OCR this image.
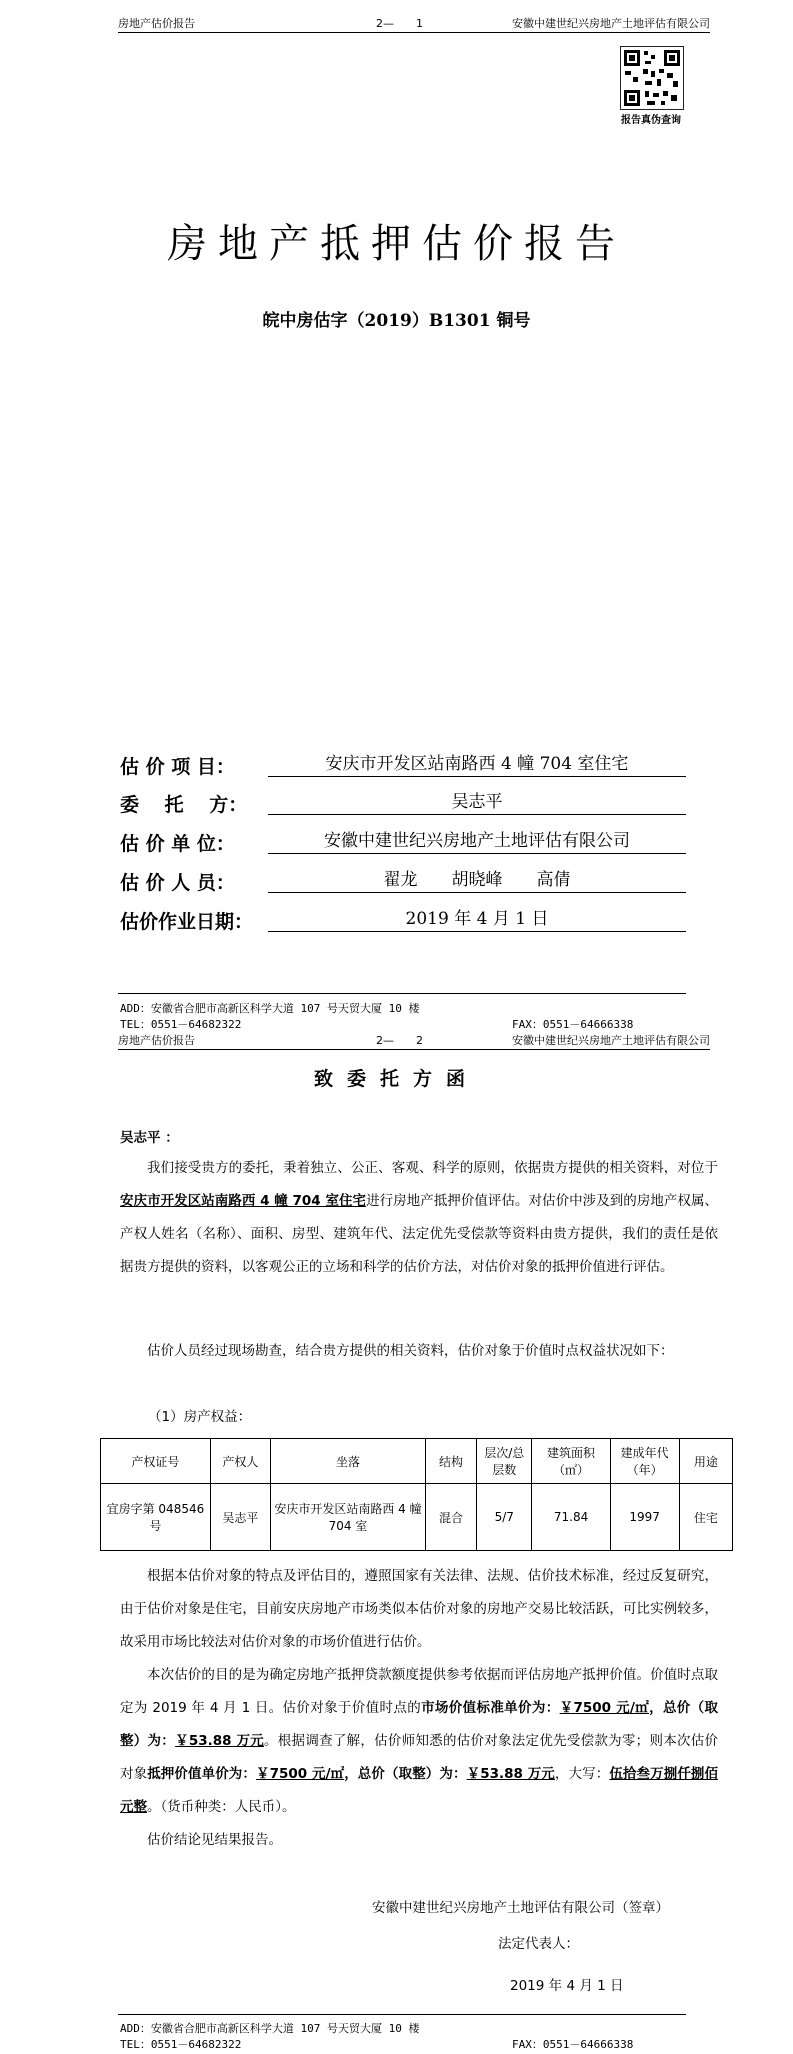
房地产估价报告	2—　　1	安徽中建世纪兴房地产土地评估有限公司
报告真伪查询
房地产抵押估价报告
皖中房估字（2019）B1301 铜号
估 价 项 目：	安庆市开发区站南路西 4 幢 704 室住宅
委　 托　 方：	吴志平
估 价 单 位：	安徽中建世纪兴房地产土地评估有限公司
估 价 人 员：	翟龙　　胡晓峰　　高倩
估价作业日期：	2019 年 4 月 1 日
ADD：安徽省合肥市高新区科学大道 107 号天贸大厦 10 楼
TEL：0551－64682322	FAX：0551－64666338
房地产估价报告	2—　　2	安徽中建世纪兴房地产土地评估有限公司
致委托方函
吴志平 ：
我们接受贵方的委托，秉着独立、公正、客观、科学的原则，依据贵方提供的相关资料，对位于安庆市开发区站南路西 4 幢 704 室住宅进行房地产抵押价值评估。对估价中涉及到的房地产权属、产权人姓名（名称）、面积、房型、建筑年代、法定优先受偿款等资料由贵方提供，我们的责任是依据贵方提供的资料，以客观公正的立场和科学的估价方法，对估价对象的抵押价值进行评估。
估价人员经过现场勘查，结合贵方提供的相关资料，估价对象于价值时点权益状况如下：
（1）房产权益：
产权证号	产权人	坐落	结构	层次/总层数	建筑面积（㎡）	建成年代（年）	用途
宜房字第 048546 号	吴志平	安庆市开发区站南路西 4 幢 704 室	混合	5/7	71.84	1997	住宅
根据本估价对象的特点及评估目的，遵照国家有关法律、法规、估价技术标准，经过反复研究，由于估价对象是住宅，目前安庆房地产市场类似本估价对象的房地产交易比较活跃，可比实例较多，故采用市场比较法对估价对象的市场价值进行估价。
本次估价的目的是为确定房地产抵押贷款额度提供参考依据而评估房地产抵押价值。价值时点取定为 2019 年 4 月 1 日。估价对象于价值时点的市场价值标准单价为：￥7500 元/㎡，总价（取整）为：￥53.88 万元。根据调查了解，估价师知悉的估价对象法定优先受偿款为零；则本次估价对象抵押价值单价为：￥7500 元/㎡，总价（取整）为：￥53.88 万元，大写：伍拾叁万捌仟捌佰元整。（货币种类：人民币）。
估价结论见结果报告。
安徽中建世纪兴房地产土地评估有限公司（签章）
法定代表人：
2019 年 4 月 1 日
ADD：安徽省合肥市高新区科学大道 107 号天贸大厦 10 楼
TEL：0551－64682322	FAX：0551－64666338
